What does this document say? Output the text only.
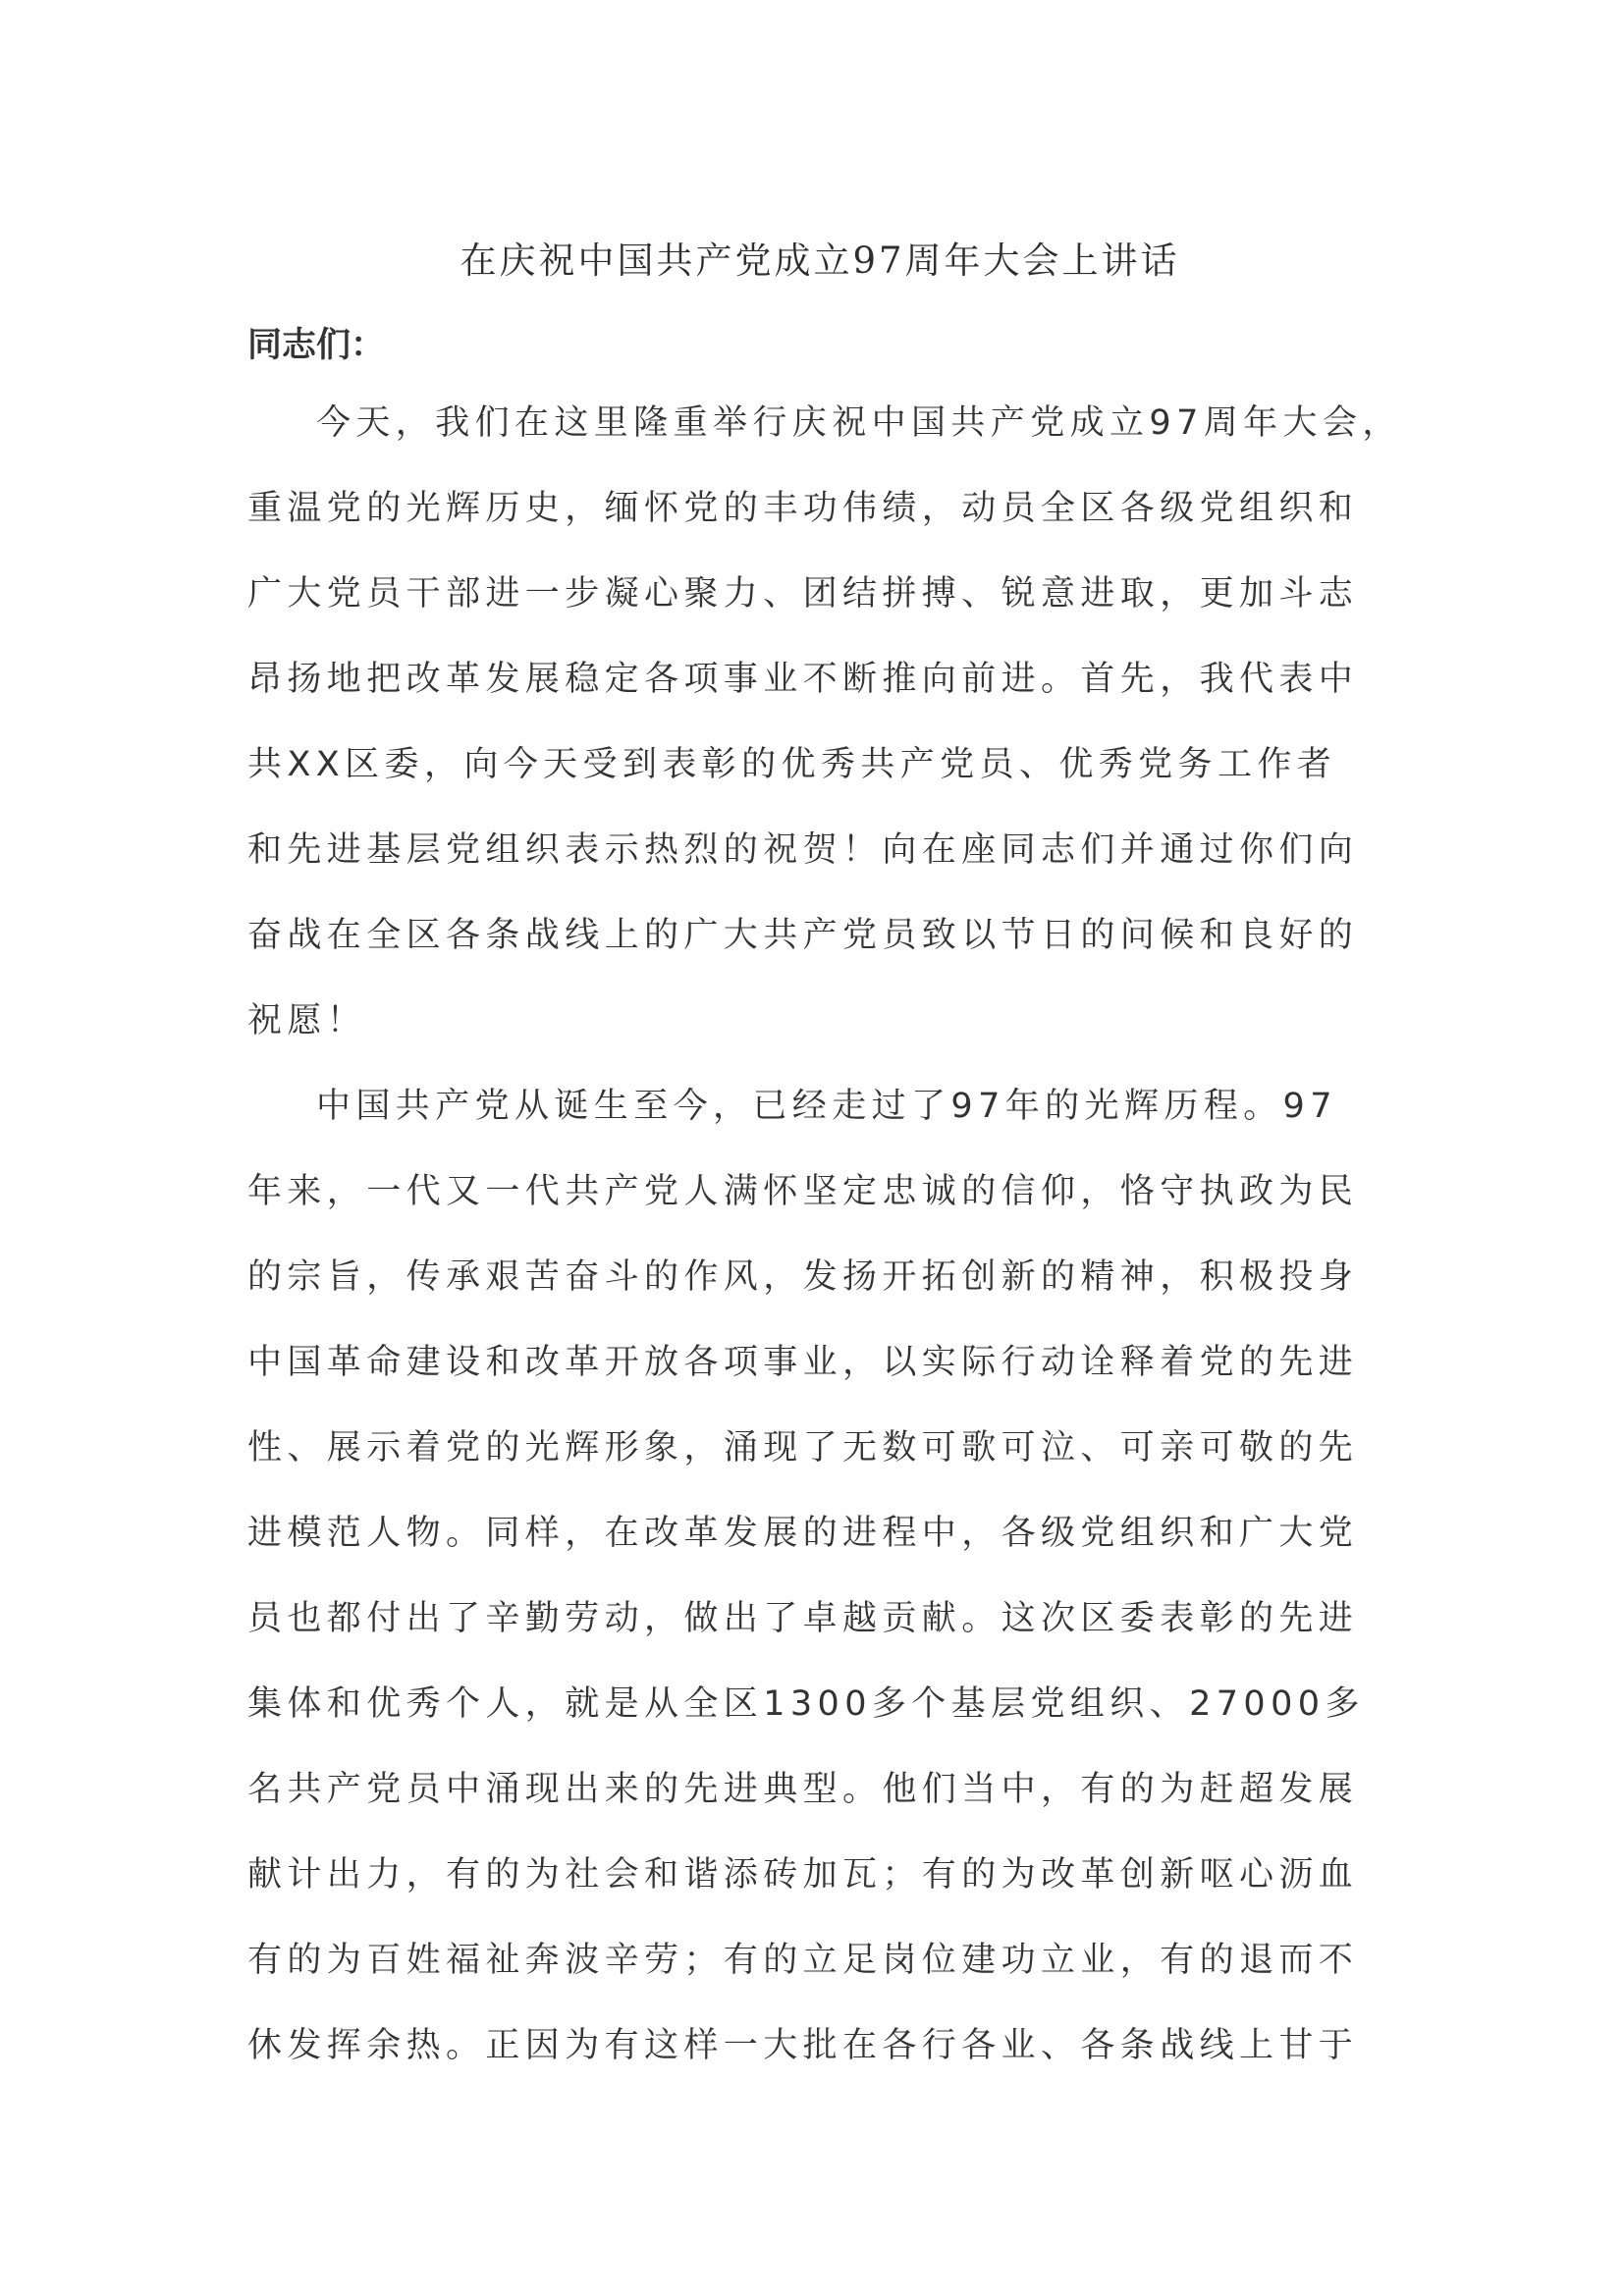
在庆祝中国共产党成立97周年大会上讲话
同志们：
今天，我们在这里隆重举行庆祝中国共产党成立97周年大会，
重温党的光辉历史，缅怀党的丰功伟绩，动员全区各级党组织和
广大党员干部进一步凝心聚力、团结拼搏、锐意进取，更加斗志
昂扬地把改革发展稳定各项事业不断推向前进。首先，我代表中
共XX区委，向今天受到表彰的优秀共产党员、优秀党务工作者
和先进基层党组织表示热烈的祝贺！向在座同志们并通过你们向
奋战在全区各条战线上的广大共产党员致以节日的问候和良好的
祝愿！
中国共产党从诞生至今，已经走过了97年的光辉历程。97
年来，一代又一代共产党人满怀坚定忠诚的信仰，恪守执政为民
的宗旨，传承艰苦奋斗的作风，发扬开拓创新的精神，积极投身
中国革命建设和改革开放各项事业，以实际行动诠释着党的先进
性、展示着党的光辉形象，涌现了无数可歌可泣、可亲可敬的先
进模范人物。同样，在改革发展的进程中，各级党组织和广大党
员也都付出了辛勤劳动，做出了卓越贡献。这次区委表彰的先进
集体和优秀个人，就是从全区1300多个基层党组织、27000多
名共产党员中涌现出来的先进典型。他们当中，有的为赶超发展
献计出力，有的为社会和谐添砖加瓦；有的为改革创新呕心沥血
有的为百姓福祉奔波辛劳；有的立足岗位建功立业，有的退而不
休发挥余热。正因为有这样一大批在各行各业、各条战线上甘于
